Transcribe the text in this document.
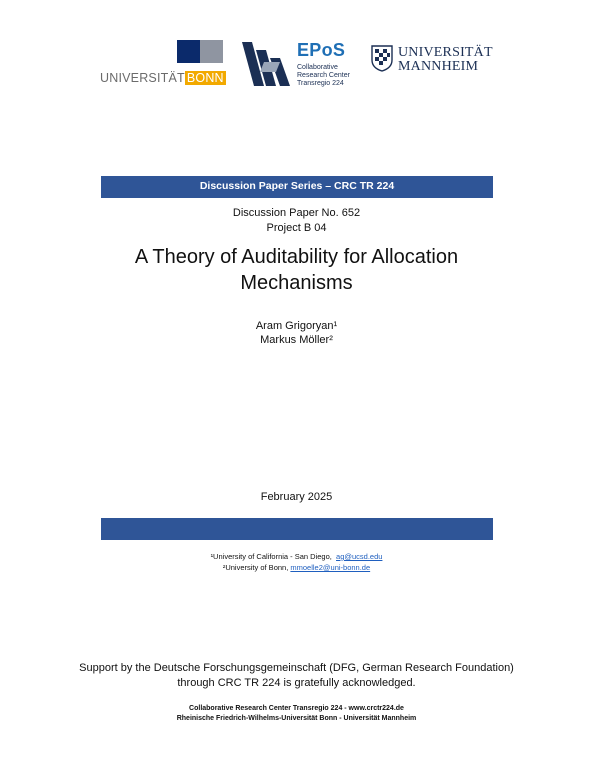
UNIVERSITÄT BONN
EPoS
Collaborative
Research Center
Transregio 224
UNIVERSITÄT
MANNHEIM
Discussion Paper Series – CRC TR 224
Discussion Paper No. 652
Project B 04
A Theory of Auditability for Allocation
Mechanisms
Aram Grigoryan¹
Markus Möller²
February 2025
¹University of California - San Diego, ag@ucsd.edu
²University of Bonn, mmoelle2@uni-bonn.de
Support by the Deutsche Forschungsgemeinschaft (DFG, German Research Foundation)
through CRC TR 224 is gratefully acknowledged.
Collaborative Research Center Transregio 224 - www.crctr224.de
Rheinische Friedrich-Wilhelms-Universität Bonn - Universität Mannheim
